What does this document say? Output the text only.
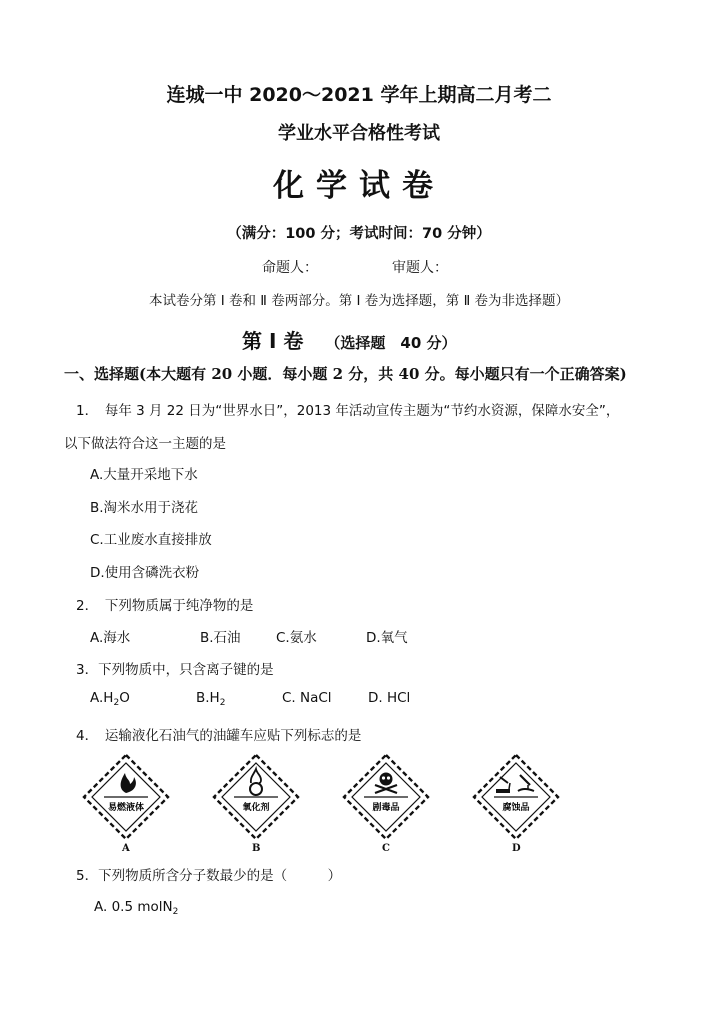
连城一中 2020～2021 学年上期高二月考二
学业水平合格性考试
化学试卷
（满分：100 分；考试时间：70 分钟）
命题人：	审题人：
本试卷分第 Ⅰ 卷和 Ⅱ 卷两部分。第 Ⅰ 卷为选择题，第 Ⅱ 卷为非选择题）
第 Ⅰ 卷 （选择题　40 分）
一、选择题(本大题有 20 小题．每小题 2 分，共 40 分。每小题只有一个正确答案)
1．　每年 3 月 22 日为“世界水日”，2013 年活动宣传主题为“节约水资源，保障水安全”，
以下做法符合这一主题的是
A.大量开采地下水
B.淘米水用于浇花
C.工业废水直接排放
D.使用含磷洗衣粉
2．　下列物质属于纯净物的是
A.海水	B.石油	C.氨水	D.氧气
3．下列物质中，只含离子键的是
$A.H_2O$	$B.H_2$	C. NaCl	D. HCl
4．　运输液化石油气的油罐车应贴下列标志的是
易燃液体	氧化剂	剧毒品	腐蚀品
A	B	C	D
5．下列物质所含分子数最少的是（　　　）
A. 0.5 molN$_2$
